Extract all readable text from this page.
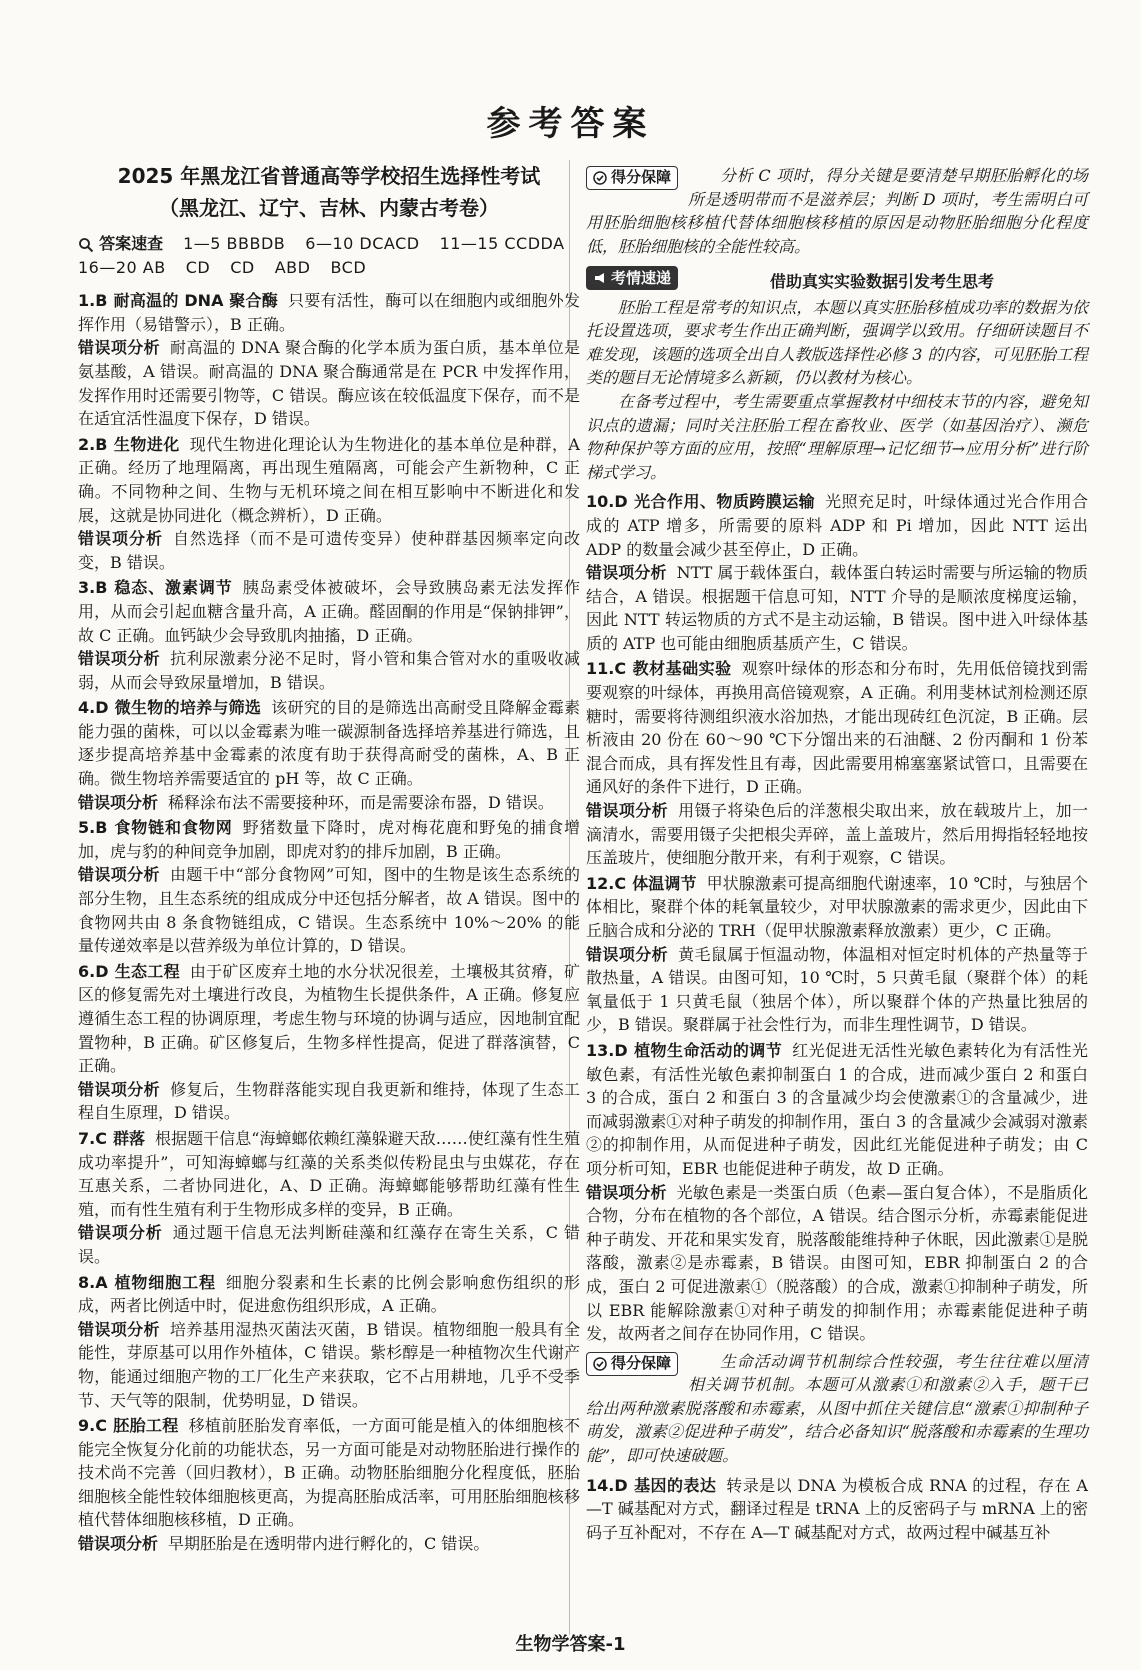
参考答案
2025 年黑龙江省普通高等学校招生选择性考试
（黑龙江、辽宁、吉林、内蒙古考卷）
答案速查 1—5 BBBDB 6—10 DCACD 11—15 CCDDA
16—20 AB CD CD ABD BCD

1.B 耐高温的 DNA 聚合酶 只要有活性，酶可以在细胞内或细胞外发挥作用（易错警示），B 正确。

错误项分析 耐高温的 DNA 聚合酶的化学本质为蛋白质，基本单位是氨基酸，A 错误。耐高温的 DNA 聚合酶通常是在 PCR 中发挥作用，发挥作用时还需要引物等，C 错误。酶应该在较低温度下保存，而不是在适宜活性温度下保存，D 错误。

2.B 生物进化 现代生物进化理论认为生物进化的基本单位是种群，A 正确。经历了地理隔离，再出现生殖隔离，可能会产生新物种，C 正确。不同物种之间、生物与无机环境之间在相互影响中不断进化和发展，这就是协同进化（概念辨析），D 正确。

错误项分析 自然选择（而不是可遗传变异）使种群基因频率定向改变，B 错误。

3.B 稳态、激素调节 胰岛素受体被破坏，会导致胰岛素无法发挥作用，从而会引起血糖含量升高，A 正确。醛固酮的作用是“保钠排钾”，故 C 正确。血钙缺少会导致肌肉抽搐，D 正确。

错误项分析 抗利尿激素分泌不足时，肾小管和集合管对水的重吸收减弱，从而会导致尿量增加，B 错误。

4.D 微生物的培养与筛选 该研究的目的是筛选出高耐受且降解金霉素能力强的菌株，可以以金霉素为唯一碳源制备选择培养基进行筛选，且逐步提高培养基中金霉素的浓度有助于获得高耐受的菌株，A、B 正确。微生物培养需要适宜的 pH 等，故 C 正确。

错误项分析 稀释涂布法不需要接种环，而是需要涂布器，D 错误。

5.B 食物链和食物网 野猪数量下降时，虎对梅花鹿和野兔的捕食增加，虎与豹的种间竞争加剧，即虎对豹的排斥加剧，B 正确。

错误项分析 由题干中“部分食物网”可知，图中的生物是该生态系统的部分生物，且生态系统的组成成分中还包括分解者，故 A 错误。图中的食物网共由 8 条食物链组成，C 错误。生态系统中 10%～20% 的能量传递效率是以营养级为单位计算的，D 错误。

6.D 生态工程 由于矿区废弃土地的水分状况很差，土壤极其贫瘠，矿区的修复需先对土壤进行改良，为植物生长提供条件，A 正确。修复应遵循生态工程的协调原理，考虑生物与环境的协调与适应，因地制宜配置物种，B 正确。矿区修复后，生物多样性提高，促进了群落演替，C 正确。

错误项分析 修复后，生物群落能实现自我更新和维持，体现了生态工程自生原理，D 错误。

7.C 群落 根据题干信息“海蟑螂依赖红藻躲避天敌……使红藻有性生殖成功率提升”，可知海蟑螂与红藻的关系类似传粉昆虫与虫媒花，存在互惠关系，二者协同进化，A、D 正确。海蟑螂能够帮助红藻有性生殖，而有性生殖有利于生物形成多样的变异，B 正确。

错误项分析 通过题干信息无法判断硅藻和红藻存在寄生关系，C 错误。

8.A 植物细胞工程 细胞分裂素和生长素的比例会影响愈伤组织的形成，两者比例适中时，促进愈伤组织形成，A 正确。

错误项分析 培养基用湿热灭菌法灭菌，B 错误。植物细胞一般具有全能性，芽原基可以用作外植体，C 错误。紫杉醇是一种植物次生代谢产物，能通过细胞产物的工厂化生产来获取，它不占用耕地，几乎不受季节、天气等的限制，优势明显，D 错误。

9.C 胚胎工程 移植前胚胎发育率低，一方面可能是植入的体细胞核不能完全恢复分化前的功能状态，另一方面可能是对动物胚胎进行操作的技术尚不完善（回归教材），B 正确。动物胚胎细胞分化程度低，胚胎细胞核全能性较体细胞核更高，为提高胚胎成活率，可用胚胎细胞核移植代替体细胞核移植，D 正确。

错误项分析 早期胚胎是在透明带内进行孵化的，C 错误。

得分保障	分析 C 项时，得分关键是要清楚早期胚胎孵化的场所是透明带而不是滋养层；判断 D 项时，考生需明白可用胚胎细胞核移植代替体细胞核移植的原因是动物胚胎细胞分化程度低，胚胎细胞核的全能性较高。

考情速递	借助真实实验数据引发考生思考

胚胎工程是常考的知识点，本题以真实胚胎移植成功率的数据为依托设置选项，要求考生作出正确判断，强调学以致用。仔细研读题目不难发现，该题的选项全出自人教版选择性必修 3 的内容，可见胚胎工程类的题目无论情境多么新颖，仍以教材为核心。

在备考过程中，考生需要重点掌握教材中细枝末节的内容，避免知识点的遗漏；同时关注胚胎工程在畜牧业、医学（如基因治疗）、濒危物种保护等方面的应用，按照“理解原理→记忆细节→应用分析”进行阶梯式学习。

10.D 光合作用、物质跨膜运输 光照充足时，叶绿体通过光合作用合成的 ATP 增多，所需要的原料 ADP 和 Pi 增加，因此 NTT 运出 ADP 的数量会减少甚至停止，D 正确。

错误项分析 NTT 属于载体蛋白，载体蛋白转运时需要与所运输的物质结合，A 错误。根据题干信息可知，NTT 介导的是顺浓度梯度运输，因此 NTT 转运物质的方式不是主动运输，B 错误。图中进入叶绿体基质的 ATP 也可能由细胞质基质产生，C 错误。

11.C 教材基础实验 观察叶绿体的形态和分布时，先用低倍镜找到需要观察的叶绿体，再换用高倍镜观察，A 正确。利用斐林试剂检测还原糖时，需要将待测组织液水浴加热，才能出现砖红色沉淀，B 正确。层析液由 20 份在 60～90 ℃下分馏出来的石油醚、2 份丙酮和 1 份苯混合而成，具有挥发性且有毒，因此需要用棉塞塞紧试管口，且需要在通风好的条件下进行，D 正确。

错误项分析 用镊子将染色后的洋葱根尖取出来，放在载玻片上，加一滴清水，需要用镊子尖把根尖弄碎，盖上盖玻片，然后用拇指轻轻地按压盖玻片，使细胞分散开来，有利于观察，C 错误。

12.C 体温调节 甲状腺激素可提高细胞代谢速率，10 ℃时，与独居个体相比，聚群个体的耗氧量较少，对甲状腺激素的需求更少，因此由下丘脑合成和分泌的 TRH（促甲状腺激素释放激素）更少，C 正确。

错误项分析 黄毛鼠属于恒温动物，体温相对恒定时机体的产热量等于散热量，A 错误。由图可知，10 ℃时，5 只黄毛鼠（聚群个体）的耗氧量低于 1 只黄毛鼠（独居个体），所以聚群个体的产热量比独居的少，B 错误。聚群属于社会性行为，而非生理性调节，D 错误。

13.D 植物生命活动的调节 红光促进无活性光敏色素转化为有活性光敏色素，有活性光敏色素抑制蛋白 1 的合成，进而减少蛋白 2 和蛋白 3 的合成，蛋白 2 和蛋白 3 的含量减少均会使激素①的含量减少，进而减弱激素①对种子萌发的抑制作用，蛋白 3 的含量减少会减弱对激素②的抑制作用，从而促进种子萌发，因此红光能促进种子萌发；由 C 项分析可知，EBR 也能促进种子萌发，故 D 正确。

错误项分析 光敏色素是一类蛋白质（色素—蛋白复合体），不是脂质化合物，分布在植物的各个部位，A 错误。结合图示分析，赤霉素能促进种子萌发、开花和果实发育，脱落酸能维持种子休眠，因此激素①是脱落酸，激素②是赤霉素，B 错误。由图可知，EBR 抑制蛋白 2 的合成，蛋白 2 可促进激素①（脱落酸）的合成，激素①抑制种子萌发，所以 EBR 能解除激素①对种子萌发的抑制作用；赤霉素能促进种子萌发，故两者之间存在协同作用，C 错误。

得分保障	生命活动调节机制综合性较强，考生往往难以厘清相关调节机制。本题可从激素①和激素②入手，题干已给出两种激素脱落酸和赤霉素，从图中抓住关键信息“激素①抑制种子萌发，激素②促进种子萌发”，结合必备知识“脱落酸和赤霉素的生理功能”，即可快速破题。

14.D 基因的表达 转录是以 DNA 为模板合成 RNA 的过程，存在 A—T 碱基配对方式，翻译过程是 tRNA 上的反密码子与 mRNA 上的密码子互补配对，不存在 A—T 碱基配对方式，故两过程中碱基互补

生物学答案-1
